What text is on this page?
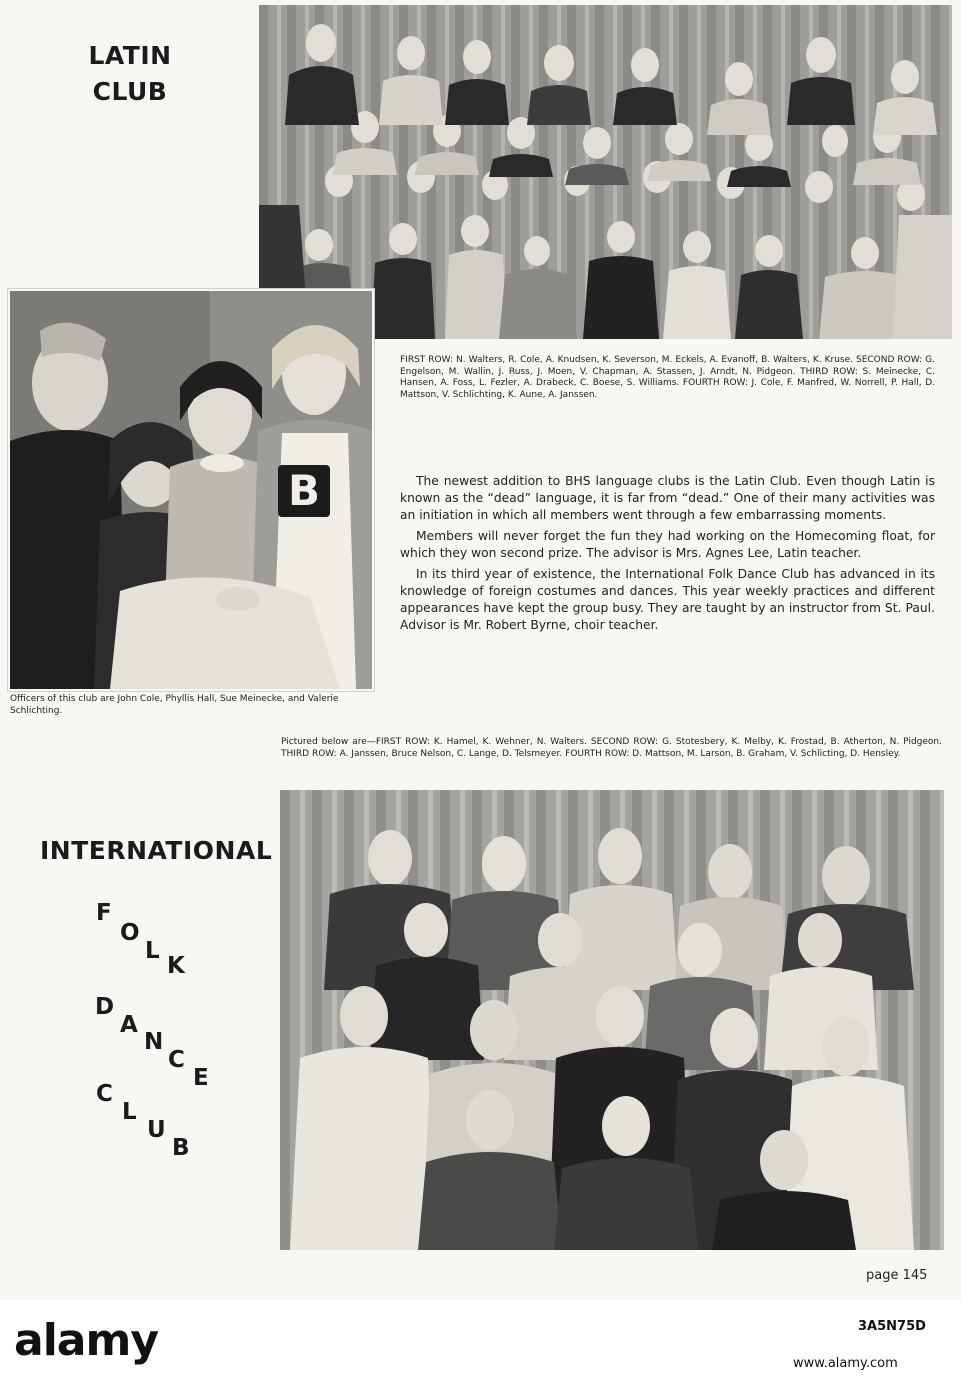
LATIN
CLUB
B

FIRST ROW: N. Walters, R. Cole, A. Knudsen, K. Severson, M. Eckels, A. Evanoff, B. Walters, K. Kruse. SECOND ROW: G. Engelson, M. Wallin, J. Russ, J. Moen, V. Chapman, A. Stassen, J. Arndt, N. Pidgeon. THIRD ROW: S. Meinecke, C. Hansen, A. Foss, L. Fezler, A. Drabeck, C. Boese, S. Williams. FOURTH ROW: J. Cole, F. Manfred, W. Norrell, P. Hall, D. Mattson, V. Schlichting, K. Aune, A. Janssen.

The newest addition to BHS language clubs is the Latin Club. Even though Latin is known as the “dead” language, it is far from “dead.” One of their many activities was an initiation in which all members went through a few embarrassing moments.

Members will never forget the fun they had working on the Homecoming float, for which they won second prize. The advisor is Mrs. Agnes Lee, Latin teacher.

In its third year of existence, the International Folk Dance Club has advanced in its knowledge of foreign costumes and dances. This year weekly practices and different appearances have kept the group busy. They are taught by an instructor from St. Paul. Advisor is Mr. Robert Byrne, choir teacher.

Officers of this club are John Cole, Phyllis Hall, Sue Meinecke, and Valerie Schlichting.

Pictured below are—FIRST ROW: K. Hamel, K. Wehner, N. Walters. SECOND ROW: G. Stotesbery, K. Melby, K. Frostad, B. Atherton, N. Pidgeon. THIRD ROW: A. Janssen, Bruce Nelson, C. Lange, D. Telsmeyer. FOURTH ROW: D. Mattson, M. Larson, B. Graham, V. Schlicting, D. Hensley.

INTERNATIONAL
F
O
L
K
D
A
N
C
E
C
L
U
B
page 145
alamy	3A5N75D
www.alamy.com
